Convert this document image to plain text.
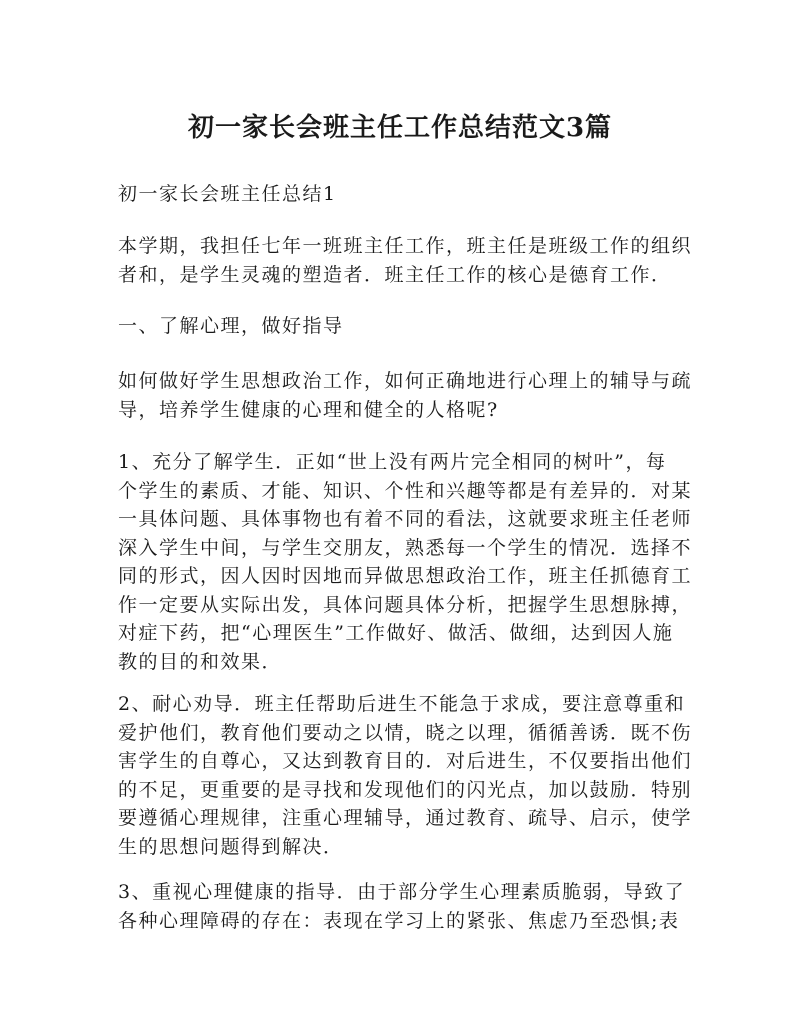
初一家长会班主任工作总结范文3篇

初一家长会班主任总结1

本学期，我担任七年一班班主任工作，班主任是班级工作的组织
者和，是学生灵魂的塑造者．班主任工作的核心是德育工作．

一、了解心理，做好指导

如何做好学生思想政治工作，如何正确地进行心理上的辅导与疏
导，培养学生健康的心理和健全的人格呢?

1、充分了解学生．正如“世上没有两片完全相同的树叶”，每
个学生的素质、才能、知识、个性和兴趣等都是有差异的．对某
一具体问题、具体事物也有着不同的看法，这就要求班主任老师
深入学生中间，与学生交朋友，熟悉每一个学生的情况．选择不
同的形式，因人因时因地而异做思想政治工作，班主任抓德育工
作一定要从实际出发，具体问题具体分析，把握学生思想脉搏，
对症下药，把“心理医生”工作做好、做活、做细，达到因人施
教的目的和效果．

2、耐心劝导．班主任帮助后进生不能急于求成，要注意尊重和
爱护他们，教育他们要动之以情，晓之以理，循循善诱．既不伤
害学生的自尊心，又达到教育目的．对后进生，不仅要指出他们
的不足，更重要的是寻找和发现他们的闪光点，加以鼓励．特别
要遵循心理规律，注重心理辅导，通过教育、疏导、启示，使学
生的思想问题得到解决．

3、重视心理健康的指导．由于部分学生心理素质脆弱，导致了
各种心理障碍的存在：表现在学习上的紧张、焦虑乃至恐惧;表
